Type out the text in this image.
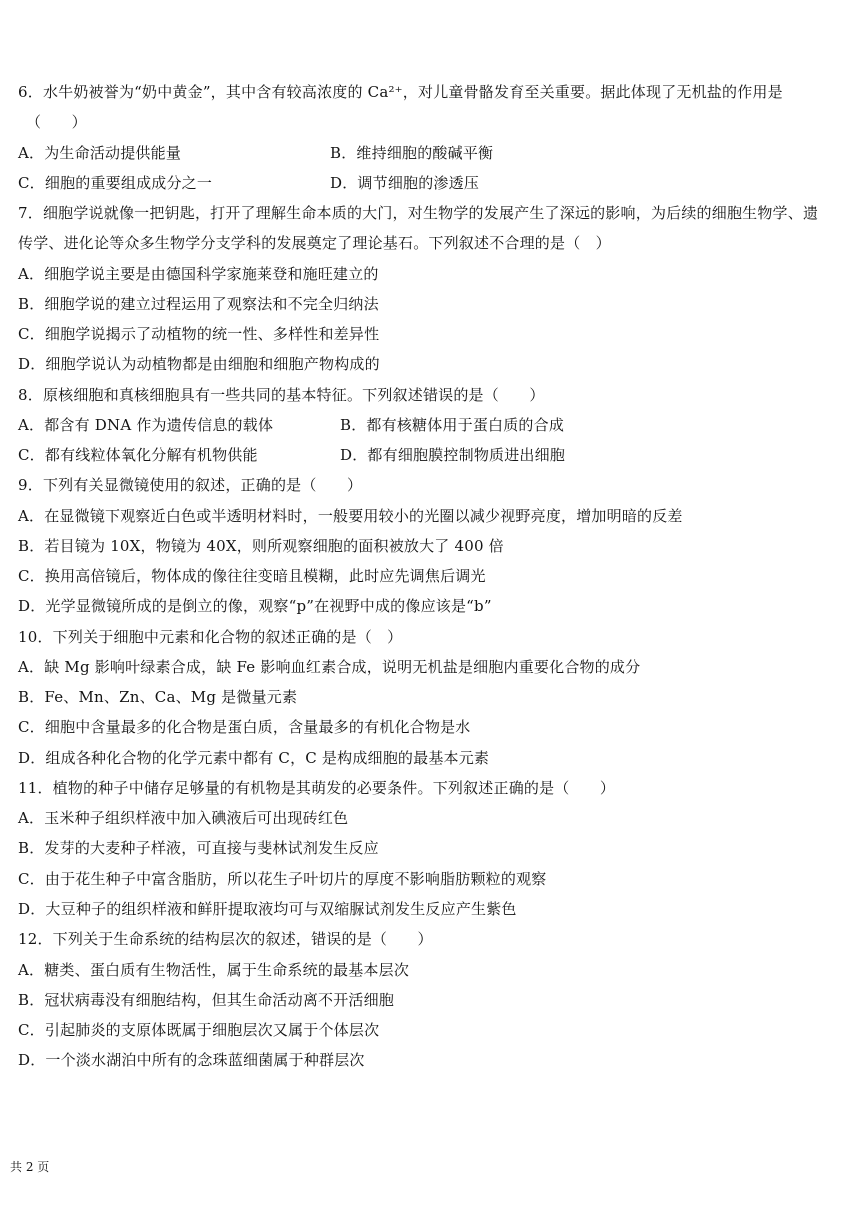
6．水牛奶被誉为“奶中黄金”，其中含有较高浓度的 Ca²⁺，对儿童骨骼发育至关重要。据此体现了无机盐的作用是
（　　）
A．为生命活动提供能量	B．维持细胞的酸碱平衡
C．细胞的重要组成成分之一	D．调节细胞的渗透压
7．细胞学说就像一把钥匙，打开了理解生命本质的大门，对生物学的发展产生了深远的影响，为后续的细胞生物学、遗
传学、进化论等众多生物学分支学科的发展奠定了理论基石。下列叙述不合理的是（　）
A．细胞学说主要是由德国科学家施莱登和施旺建立的
B．细胞学说的建立过程运用了观察法和不完全归纳法
C．细胞学说揭示了动植物的统一性、多样性和差异性
D．细胞学说认为动植物都是由细胞和细胞产物构成的
8．原核细胞和真核细胞具有一些共同的基本特征。下列叙述错误的是（　　）
A．都含有 DNA 作为遗传信息的载体	B．都有核糖体用于蛋白质的合成
C．都有线粒体氧化分解有机物供能	D．都有细胞膜控制物质进出细胞
9．下列有关显微镜使用的叙述，正确的是（　　）
A．在显微镜下观察近白色或半透明材料时，一般要用较小的光圈以减少视野亮度，增加明暗的反差
B．若目镜为 10X，物镜为 40X，则所观察细胞的面积被放大了 400 倍
C．换用高倍镜后，物体成的像往往变暗且模糊，此时应先调焦后调光
D．光学显微镜所成的是倒立的像，观察“p”在视野中成的像应该是“b”
10．下列关于细胞中元素和化合物的叙述正确的是（　）
A．缺 Mg 影响叶绿素合成，缺 Fe 影响血红素合成，说明无机盐是细胞内重要化合物的成分
B．Fe、Mn、Zn、Ca、Mg 是微量元素
C．细胞中含量最多的化合物是蛋白质，含量最多的有机化合物是水
D．组成各种化合物的化学元素中都有 C，C 是构成细胞的最基本元素
11．植物的种子中储存足够量的有机物是其萌发的必要条件。下列叙述正确的是（　　）
A．玉米种子组织样液中加入碘液后可出现砖红色
B．发芽的大麦种子样液，可直接与斐林试剂发生反应
C．由于花生种子中富含脂肪，所以花生子叶切片的厚度不影响脂肪颗粒的观察
D．大豆种子的组织样液和鲜肝提取液均可与双缩脲试剂发生反应产生紫色
12．下列关于生命系统的结构层次的叙述，错误的是（　　）
A．糖类、蛋白质有生物活性，属于生命系统的最基本层次
B．冠状病毒没有细胞结构，但其生命活动离不开活细胞
C．引起肺炎的支原体既属于细胞层次又属于个体层次
D．一个淡水湖泊中所有的念珠蓝细菌属于种群层次
共 2 页
